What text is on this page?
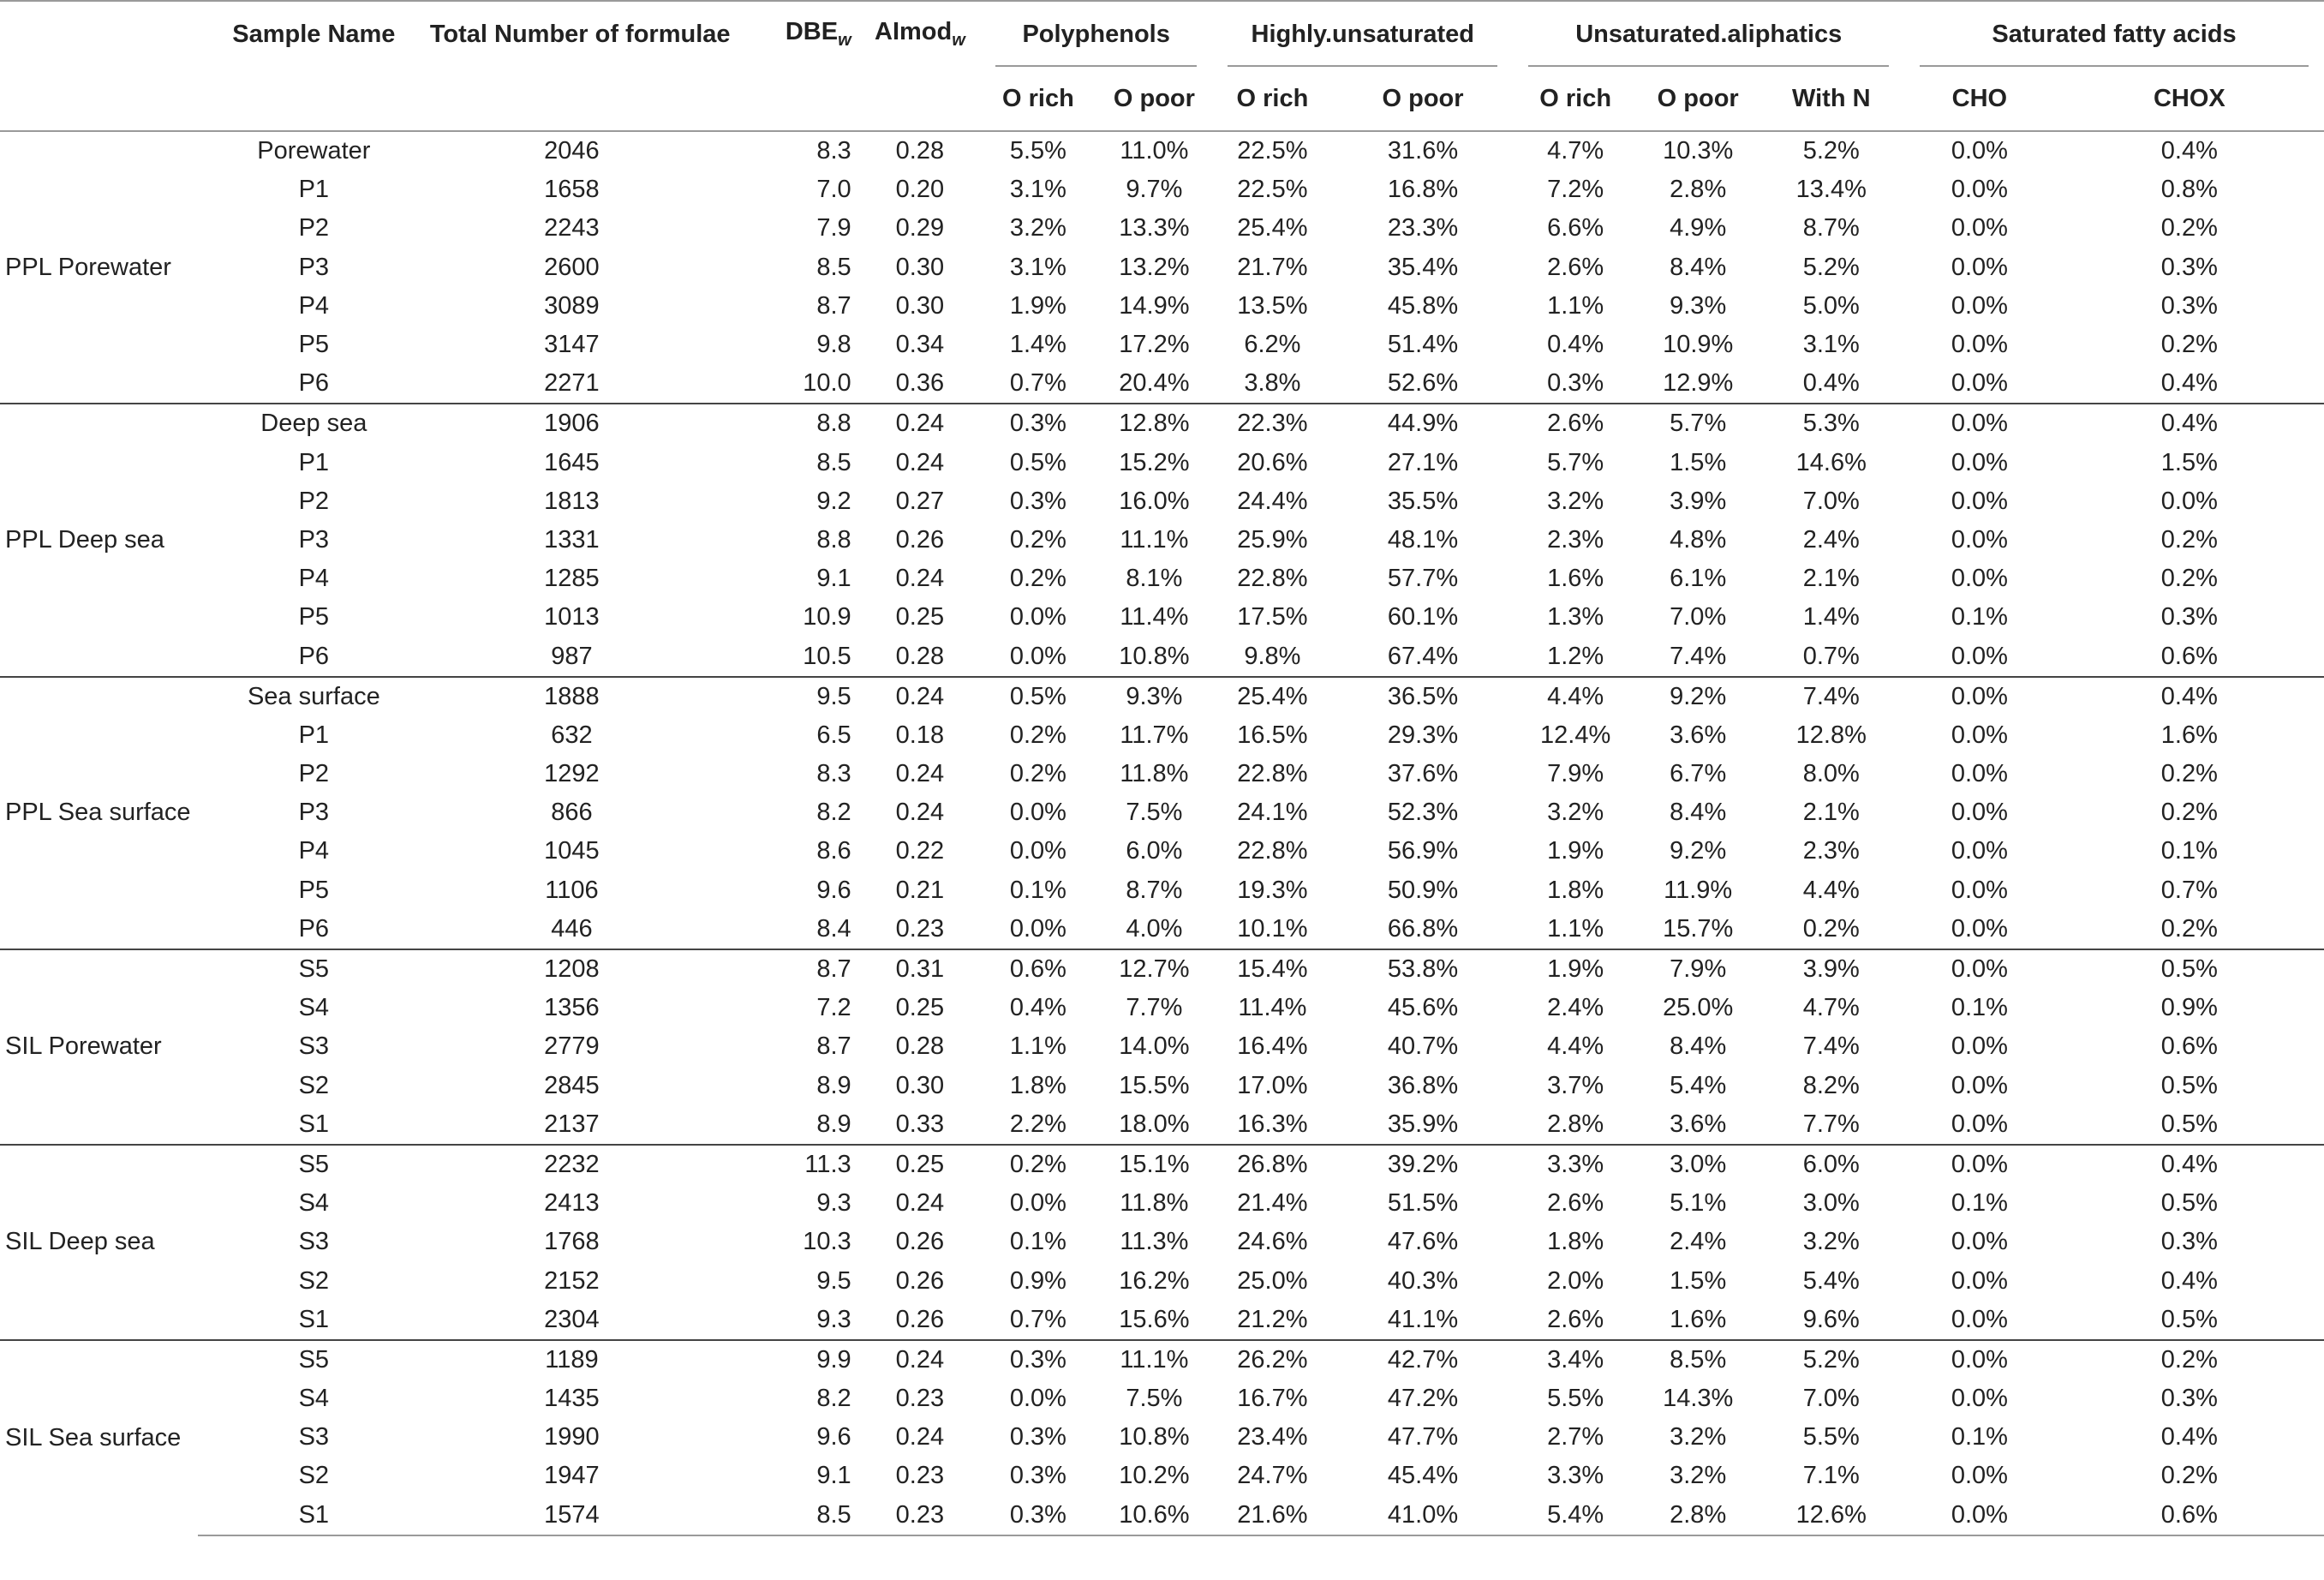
	Sample Name	Total Number of formulae	$DBE_w$	AImod$_w$	Polyphenols		Highly.unsaturated		Unsaturated.aliphatics			Saturated fatty acids	

					O rich	O poor	O rich	O poor	O rich	O poor	With N	CHO	CHOX
PPL Porewater	Porewater	2046	8.3	0.28	5.5%	11.0%	22.5%	31.6%	4.7%	10.3%	5.2%	0.0%	0.4%
	P1	1658	7.0	0.20	3.1%	9.7%	22.5%	16.8%	7.2%	2.8%	13.4%	0.0%	0.8%
	P2	2243	7.9	0.29	3.2%	13.3%	25.4%	23.3%	6.6%	4.9%	8.7%	0.0%	0.2%
	P3	2600	8.5	0.30	3.1%	13.2%	21.7%	35.4%	2.6%	8.4%	5.2%	0.0%	0.3%
	P4	3089	8.7	0.30	1.9%	14.9%	13.5%	45.8%	1.1%	9.3%	5.0%	0.0%	0.3%
	P5	3147	9.8	0.34	1.4%	17.2%	6.2%	51.4%	0.4%	10.9%	3.1%	0.0%	0.2%
	P6	2271	10.0	0.36	0.7%	20.4%	3.8%	52.6%	0.3%	12.9%	0.4%	0.0%	0.4%
PPL Deep sea	Deep sea	1906	8.8	0.24	0.3%	12.8%	22.3%	44.9%	2.6%	5.7%	5.3%	0.0%	0.4%
	P1	1645	8.5	0.24	0.5%	15.2%	20.6%	27.1%	5.7%	1.5%	14.6%	0.0%	1.5%
	P2	1813	9.2	0.27	0.3%	16.0%	24.4%	35.5%	3.2%	3.9%	7.0%	0.0%	0.0%
	P3	1331	8.8	0.26	0.2%	11.1%	25.9%	48.1%	2.3%	4.8%	2.4%	0.0%	0.2%
	P4	1285	9.1	0.24	0.2%	8.1%	22.8%	57.7%	1.6%	6.1%	2.1%	0.0%	0.2%
	P5	1013	10.9	0.25	0.0%	11.4%	17.5%	60.1%	1.3%	7.0%	1.4%	0.1%	0.3%
	P6	987	10.5	0.28	0.0%	10.8%	9.8%	67.4%	1.2%	7.4%	0.7%	0.0%	0.6%
PPL Sea surface	Sea surface	1888	9.5	0.24	0.5%	9.3%	25.4%	36.5%	4.4%	9.2%	7.4%	0.0%	0.4%
	P1	632	6.5	0.18	0.2%	11.7%	16.5%	29.3%	12.4%	3.6%	12.8%	0.0%	1.6%
	P2	1292	8.3	0.24	0.2%	11.8%	22.8%	37.6%	7.9%	6.7%	8.0%	0.0%	0.2%
	P3	866	8.2	0.24	0.0%	7.5%	24.1%	52.3%	3.2%	8.4%	2.1%	0.0%	0.2%
	P4	1045	8.6	0.22	0.0%	6.0%	22.8%	56.9%	1.9%	9.2%	2.3%	0.0%	0.1%
	P5	1106	9.6	0.21	0.1%	8.7%	19.3%	50.9%	1.8%	11.9%	4.4%	0.0%	0.7%
	P6	446	8.4	0.23	0.0%	4.0%	10.1%	66.8%	1.1%	15.7%	0.2%	0.0%	0.2%
SIL Porewater	S5	1208	8.7	0.31	0.6%	12.7%	15.4%	53.8%	1.9%	7.9%	3.9%	0.0%	0.5%
	S4	1356	7.2	0.25	0.4%	7.7%	11.4%	45.6%	2.4%	25.0%	4.7%	0.1%	0.9%
	S3	2779	8.7	0.28	1.1%	14.0%	16.4%	40.7%	4.4%	8.4%	7.4%	0.0%	0.6%
	S2	2845	8.9	0.30	1.8%	15.5%	17.0%	36.8%	3.7%	5.4%	8.2%	0.0%	0.5%
	S1	2137	8.9	0.33	2.2%	18.0%	16.3%	35.9%	2.8%	3.6%	7.7%	0.0%	0.5%
SIL Deep sea	S5	2232	11.3	0.25	0.2%	15.1%	26.8%	39.2%	3.3%	3.0%	6.0%	0.0%	0.4%
	S4	2413	9.3	0.24	0.0%	11.8%	21.4%	51.5%	2.6%	5.1%	3.0%	0.1%	0.5%
	S3	1768	10.3	0.26	0.1%	11.3%	24.6%	47.6%	1.8%	2.4%	3.2%	0.0%	0.3%
	S2	2152	9.5	0.26	0.9%	16.2%	25.0%	40.3%	2.0%	1.5%	5.4%	0.0%	0.4%
	S1	2304	9.3	0.26	0.7%	15.6%	21.2%	41.1%	2.6%	1.6%	9.6%	0.0%	0.5%
SIL Sea surface	S5	1189	9.9	0.24	0.3%	11.1%	26.2%	42.7%	3.4%	8.5%	5.2%	0.0%	0.2%
	S4	1435	8.2	0.23	0.0%	7.5%	16.7%	47.2%	5.5%	14.3%	7.0%	0.0%	0.3%
	S3	1990	9.6	0.24	0.3%	10.8%	23.4%	47.7%	2.7%	3.2%	5.5%	0.1%	0.4%
	S2	1947	9.1	0.23	0.3%	10.2%	24.7%	45.4%	3.3%	3.2%	7.1%	0.0%	0.2%
	S1	1574	8.5	0.23	0.3%	10.6%	21.6%	41.0%	5.4%	2.8%	12.6%	0.0%	0.6%
